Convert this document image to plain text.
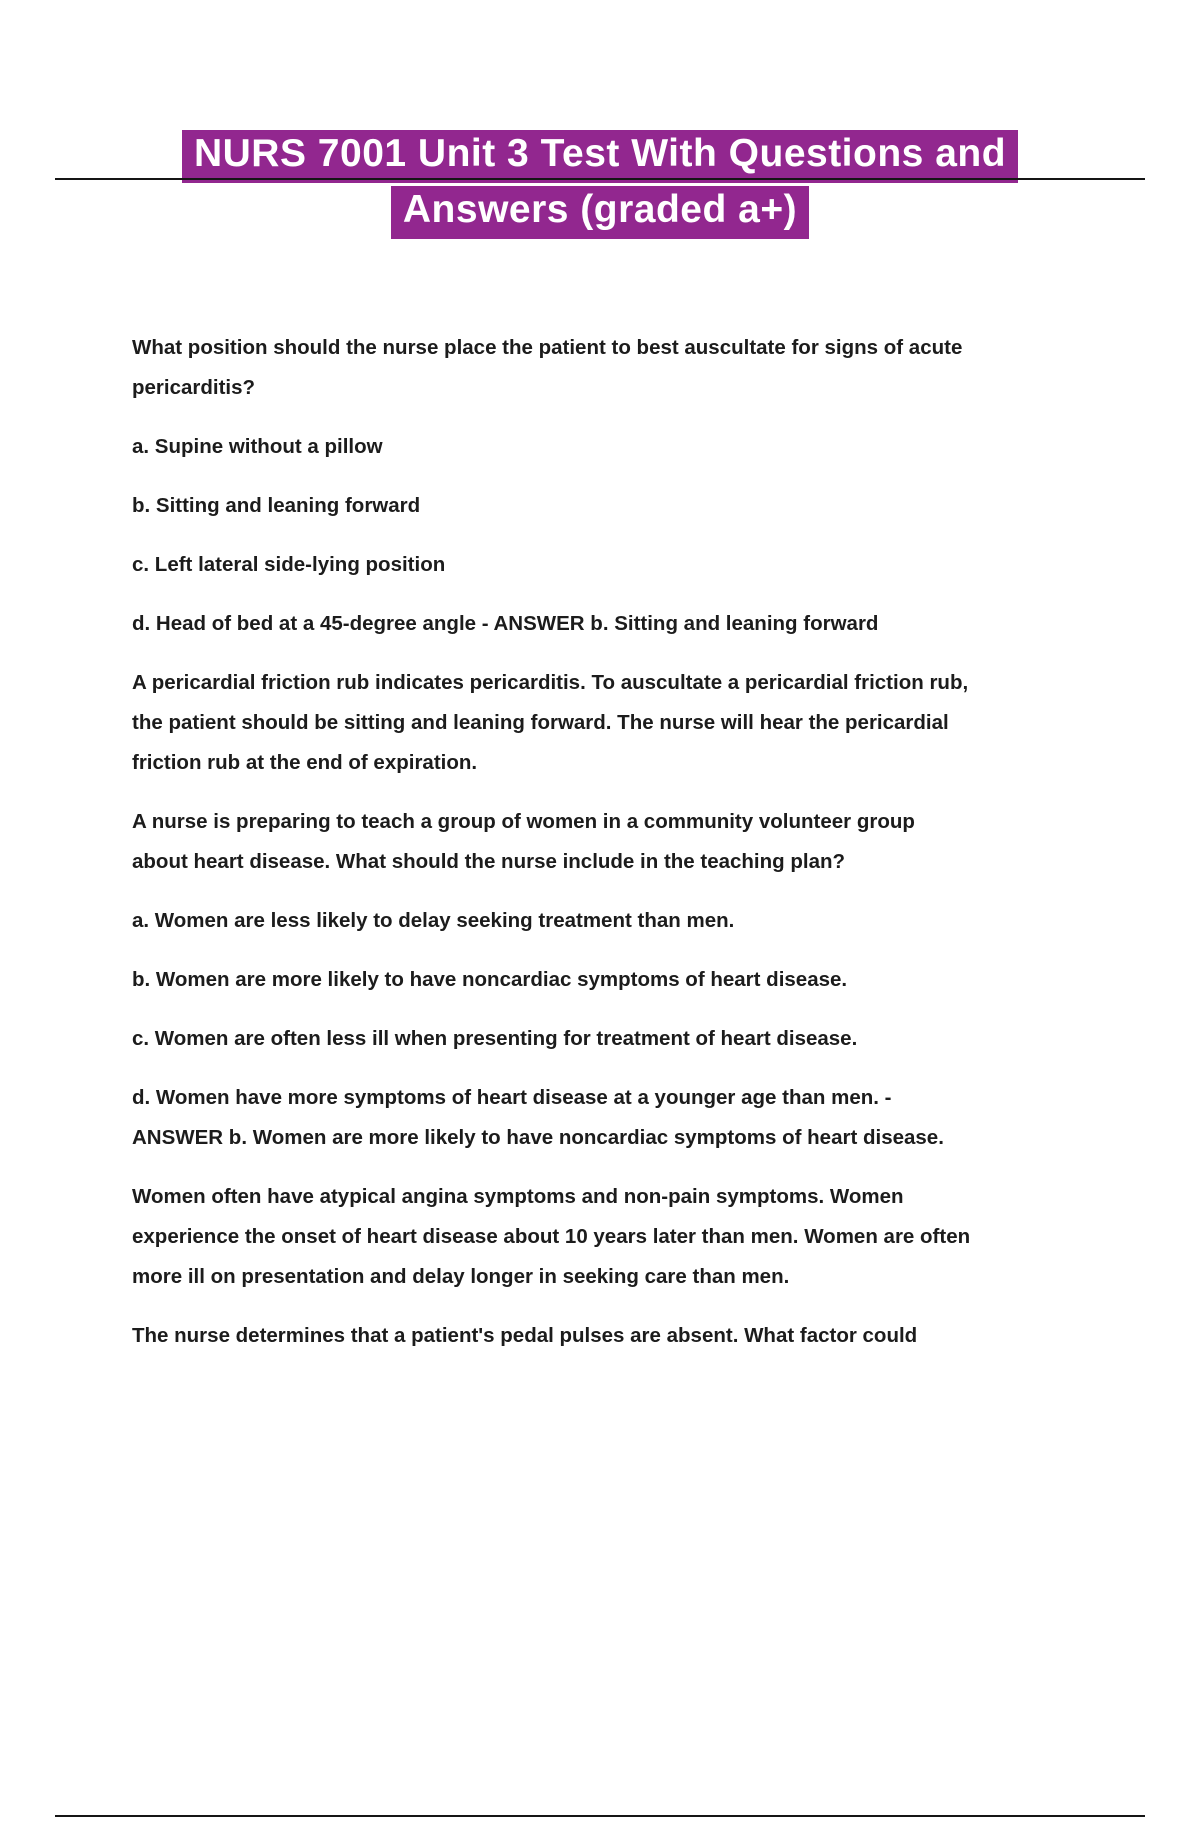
NURS 7001 Unit 3 Test With Questions and
Answers (graded a+)

What position should the nurse place the patient to best auscultate for signs of acute pericarditis?

a. Supine without a pillow

b. Sitting and leaning forward

c. Left lateral side-lying position

d. Head of bed at a 45-degree angle - ANSWER b. Sitting and leaning forward

A pericardial friction rub indicates pericarditis. To auscultate a pericardial friction rub, the patient should be sitting and leaning forward. The nurse will hear the pericardial friction rub at the end of expiration.

A nurse is preparing to teach a group of women in a community volunteer group about heart disease. What should the nurse include in the teaching plan?

a. Women are less likely to delay seeking treatment than men.

b. Women are more likely to have noncardiac symptoms of heart disease.

c. Women are often less ill when presenting for treatment of heart disease.

d. Women have more symptoms of heart disease at a younger age than men. - ANSWER b. Women are more likely to have noncardiac symptoms of heart disease.

Women often have atypical angina symptoms and non-pain symptoms. Women experience the onset of heart disease about 10 years later than men. Women are often more ill on presentation and delay longer in seeking care than men.

The nurse determines that a patient's pedal pulses are absent. What factor could
